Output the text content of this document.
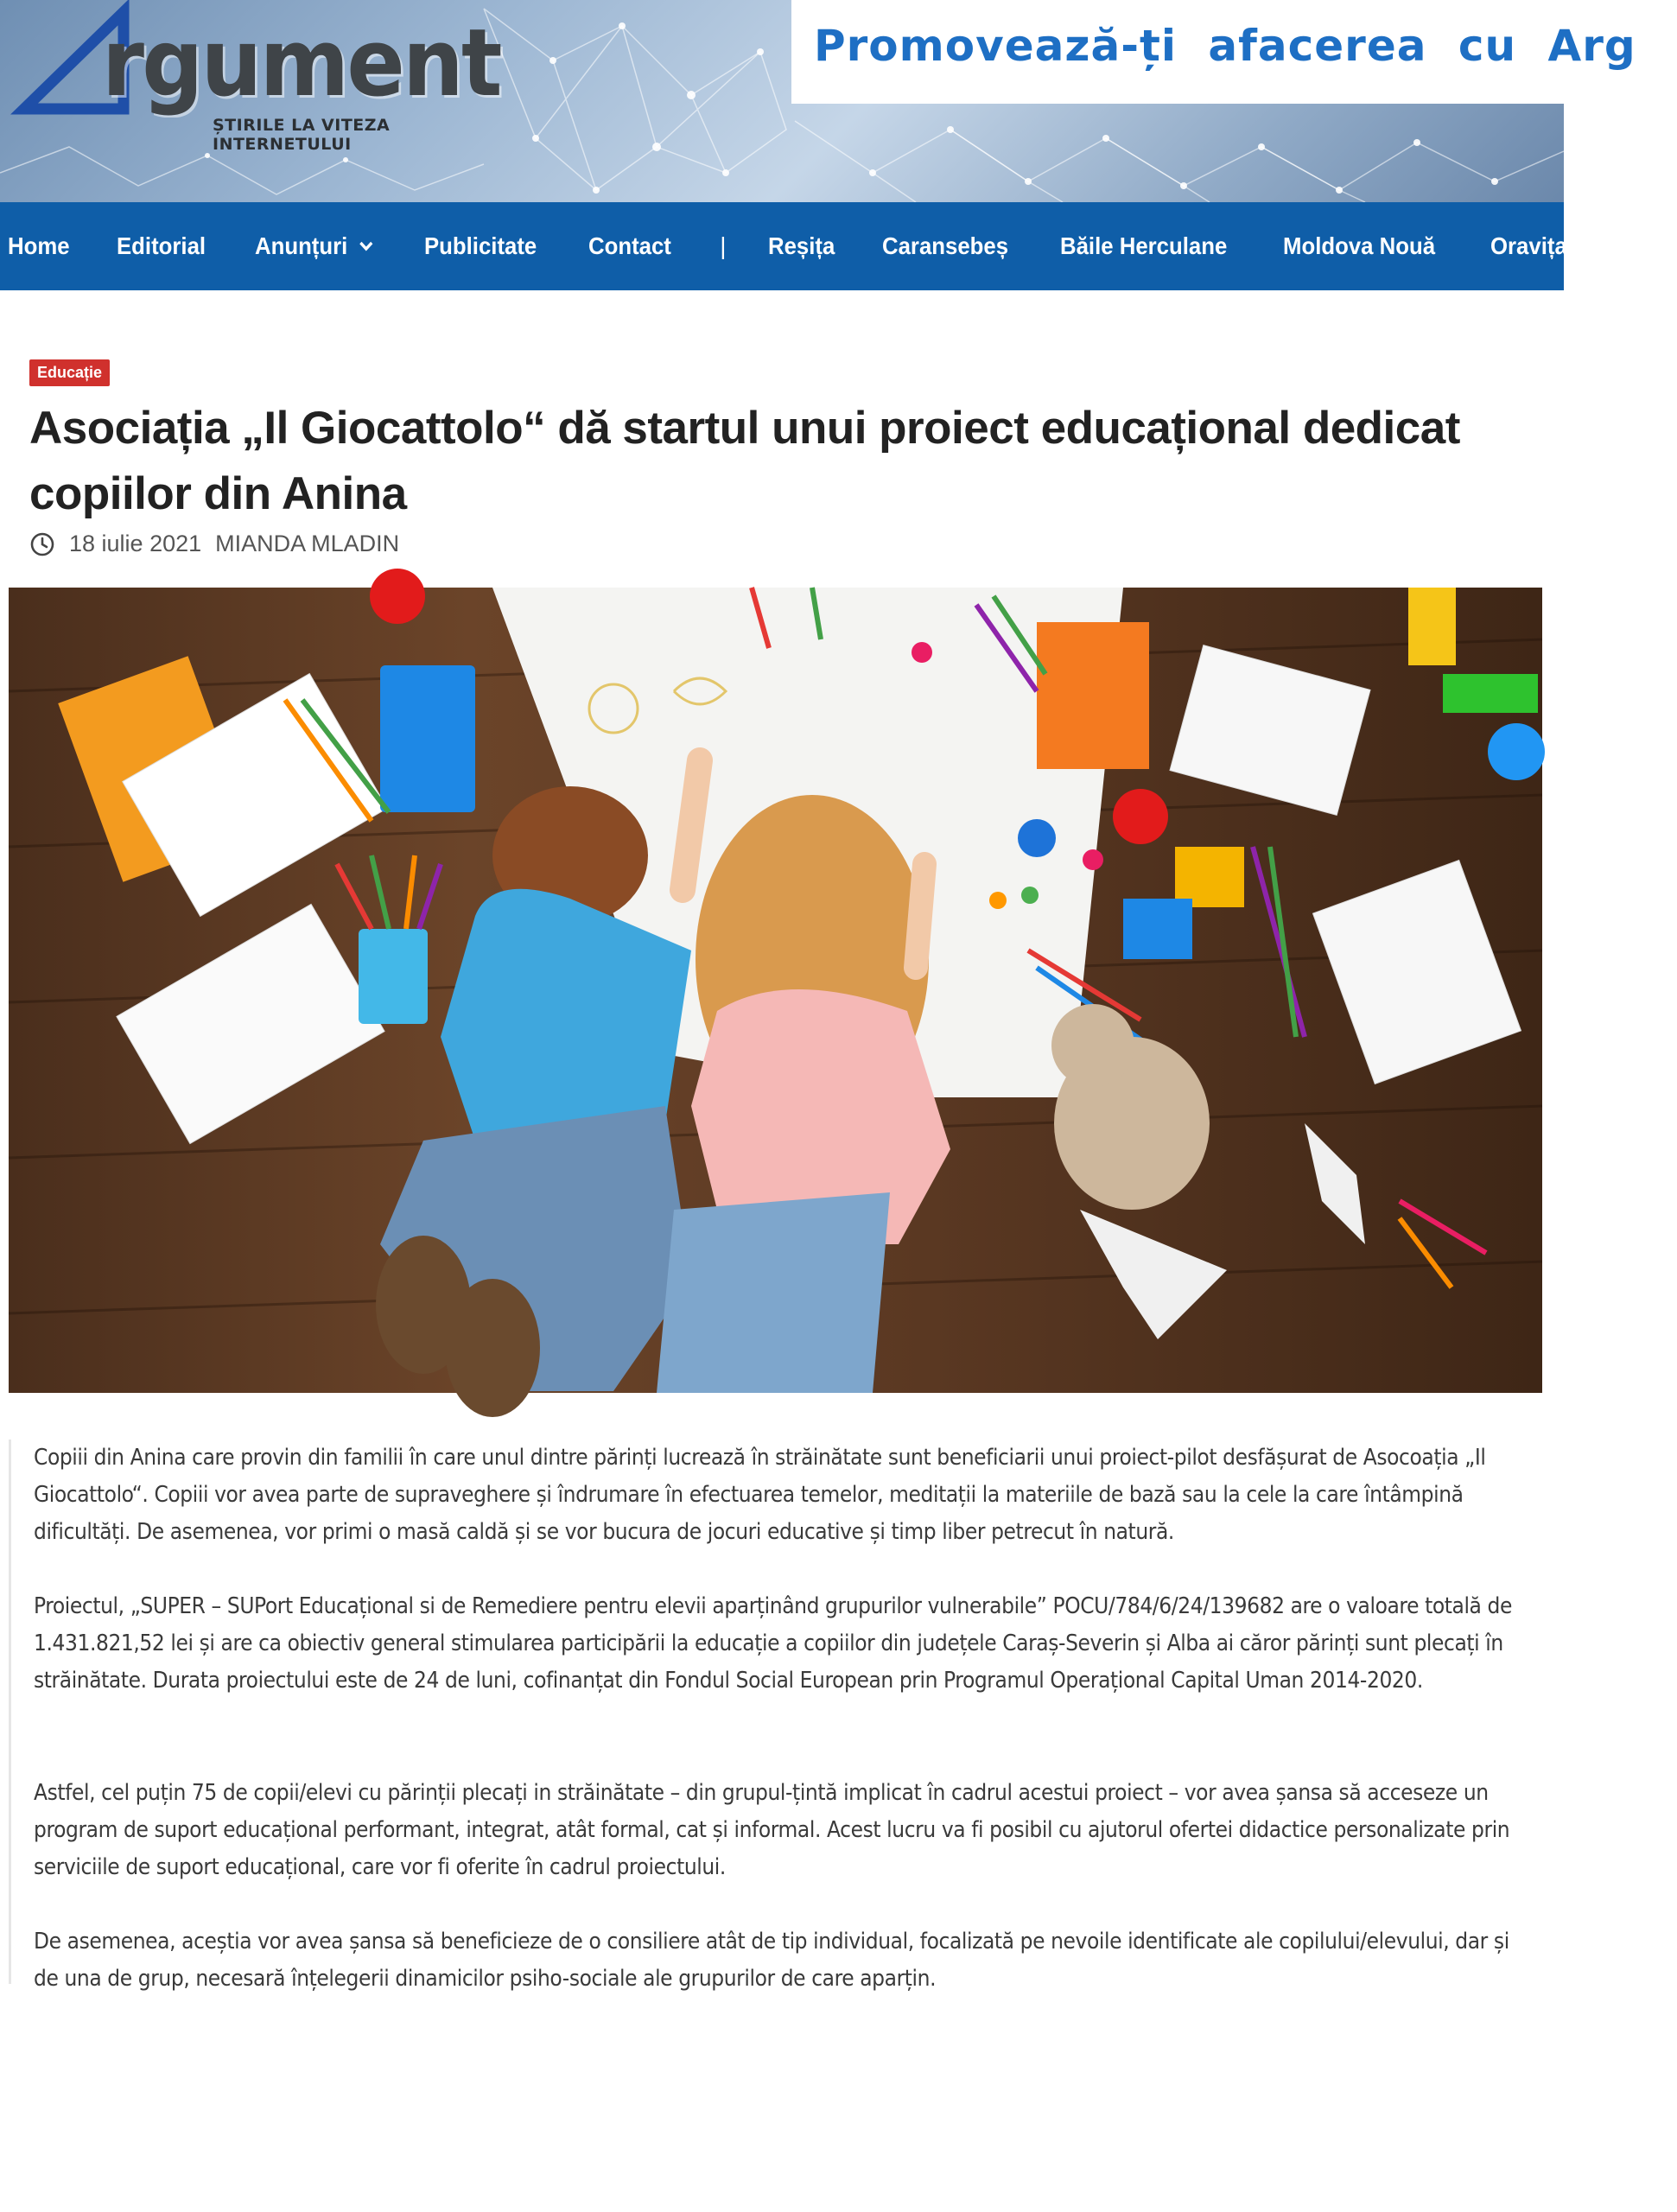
rgument
ȘTIRILE LA VITEZA INTERNETULUI
Promovează-ți afacerea cu Arg
Home Editorial Anunțuri	Publicitate Contact | Reșița Caransebeș Băile Herculane Moldova Nouă Oravița Anina
Educație
Asociația „Il Giocattolo“ dă startul unui proiect educațional dedicat copiilor din Anina
18 iulie 2021 MIANDA MLADIN

Copiii din Anina care provin din familii în care unul dintre părinți lucrează în străinătate sunt beneficiarii unui proiect-pilot desfășurat de Asocoația „Il Giocattolo“. Copiii vor avea parte de supraveghere și îndrumare în efectuarea temelor, meditații la materiile de bază sau la cele la care întâmpină dificultăți. De asemenea, vor primi o masă caldă și se vor bucura de jocuri educative și timp liber petrecut în natură.

Proiectul, „SUPER – SUPort Educațional si de Remediere pentru elevii aparținând grupurilor vulnerabile” POCU/784/6/24/139682 are o valoare totală de 1.431.821,52 lei și are ca obiectiv general stimularea participării la educație a copiilor din județele Caraș-Severin și Alba ai căror părinți sunt plecați în străinătate. Durata proiectului este de 24 de luni, cofinanțat din Fondul Social European prin Programul Operațional Capital Uman 2014-2020.

Astfel, cel puțin 75 de copii/elevi cu părinții plecați in străinătate – din grupul-țintă implicat în cadrul acestui proiect – vor avea șansa să acceseze un program de suport educațional performant, integrat, atât formal, cat și informal. Acest lucru va fi posibil cu ajutorul ofertei didactice personalizate prin serviciile de suport educațional, care vor fi oferite în cadrul proiectului.

De asemenea, aceștia vor avea șansa să beneficieze de o consiliere atât de tip individual, focalizată pe nevoile identificate ale copilului/elevului, dar și de una de grup, necesară înțelegerii dinamicilor psiho-sociale ale grupurilor de care aparțin.
